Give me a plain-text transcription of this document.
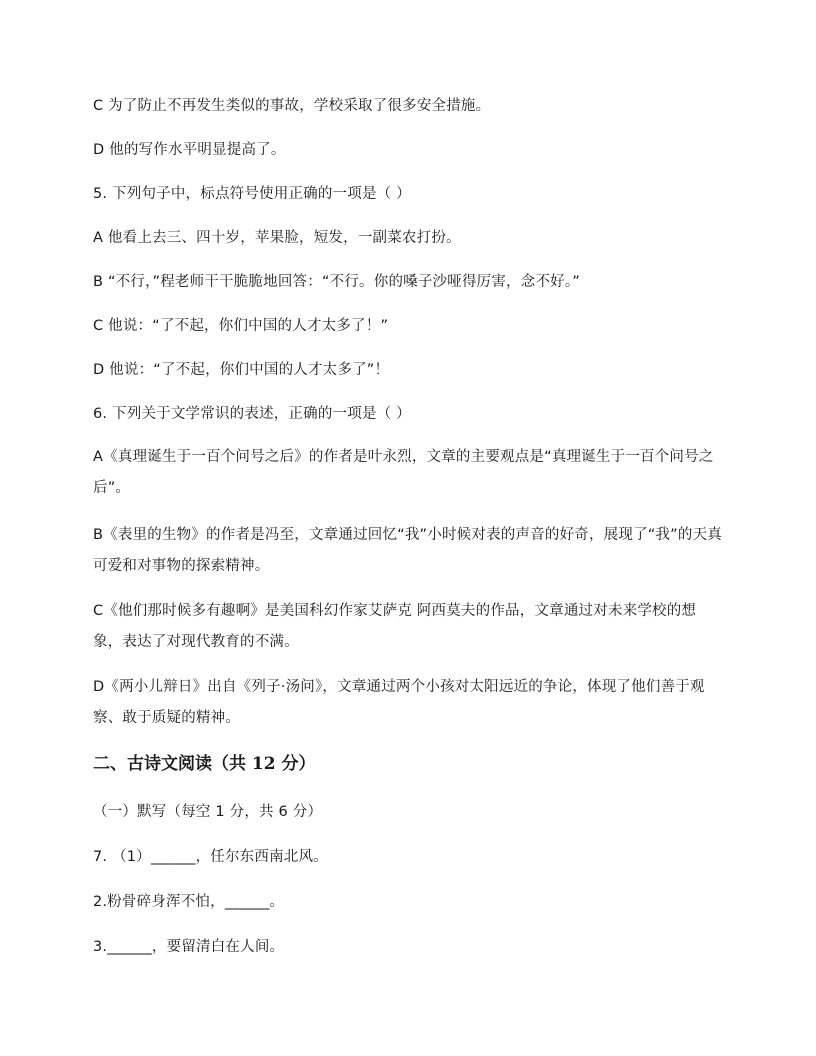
C 为了防止不再发生类似的事故，学校采取了很多安全措施。
D 他的写作水平明显提高了。
5. 下列句子中，标点符号使用正确的一项是（ ）
A 他看上去三、四十岁，苹果脸，短发，一副菜农打扮。
B “不行，”程老师干干脆脆地回答：“不行。你的嗓子沙哑得厉害，念不好。”
C 他说：“了不起，你们中国的人才太多了！”
D 他说：“了不起，你们中国的人才太多了”！
6. 下列关于文学常识的表述，正确的一项是（ ）
A《真理诞生于一百个问号之后》的作者是叶永烈，文章的主要观点是“真理诞生于一百个问号之后”。
B《表里的生物》的作者是冯至，文章通过回忆“我”小时候对表的声音的好奇，展现了“我”的天真可爱和对事物的探索精神。
C《他们那时候多有趣啊》是美国科幻作家艾萨克 阿西莫夫的作品，文章通过对未来学校的想象，表达了对现代教育的不满。
D《两小儿辩日》出自《列子·汤问》，文章通过两个小孩对太阳远近的争论，体现了他们善于观察、敢于质疑的精神。
二、古诗文阅读（共 12 分）
（一）默写（每空 1 分，共 6 分）
7. （1）______，任尔东西南北风。
2.粉骨碎身浑不怕，______。
3.______，要留清白在人间。
